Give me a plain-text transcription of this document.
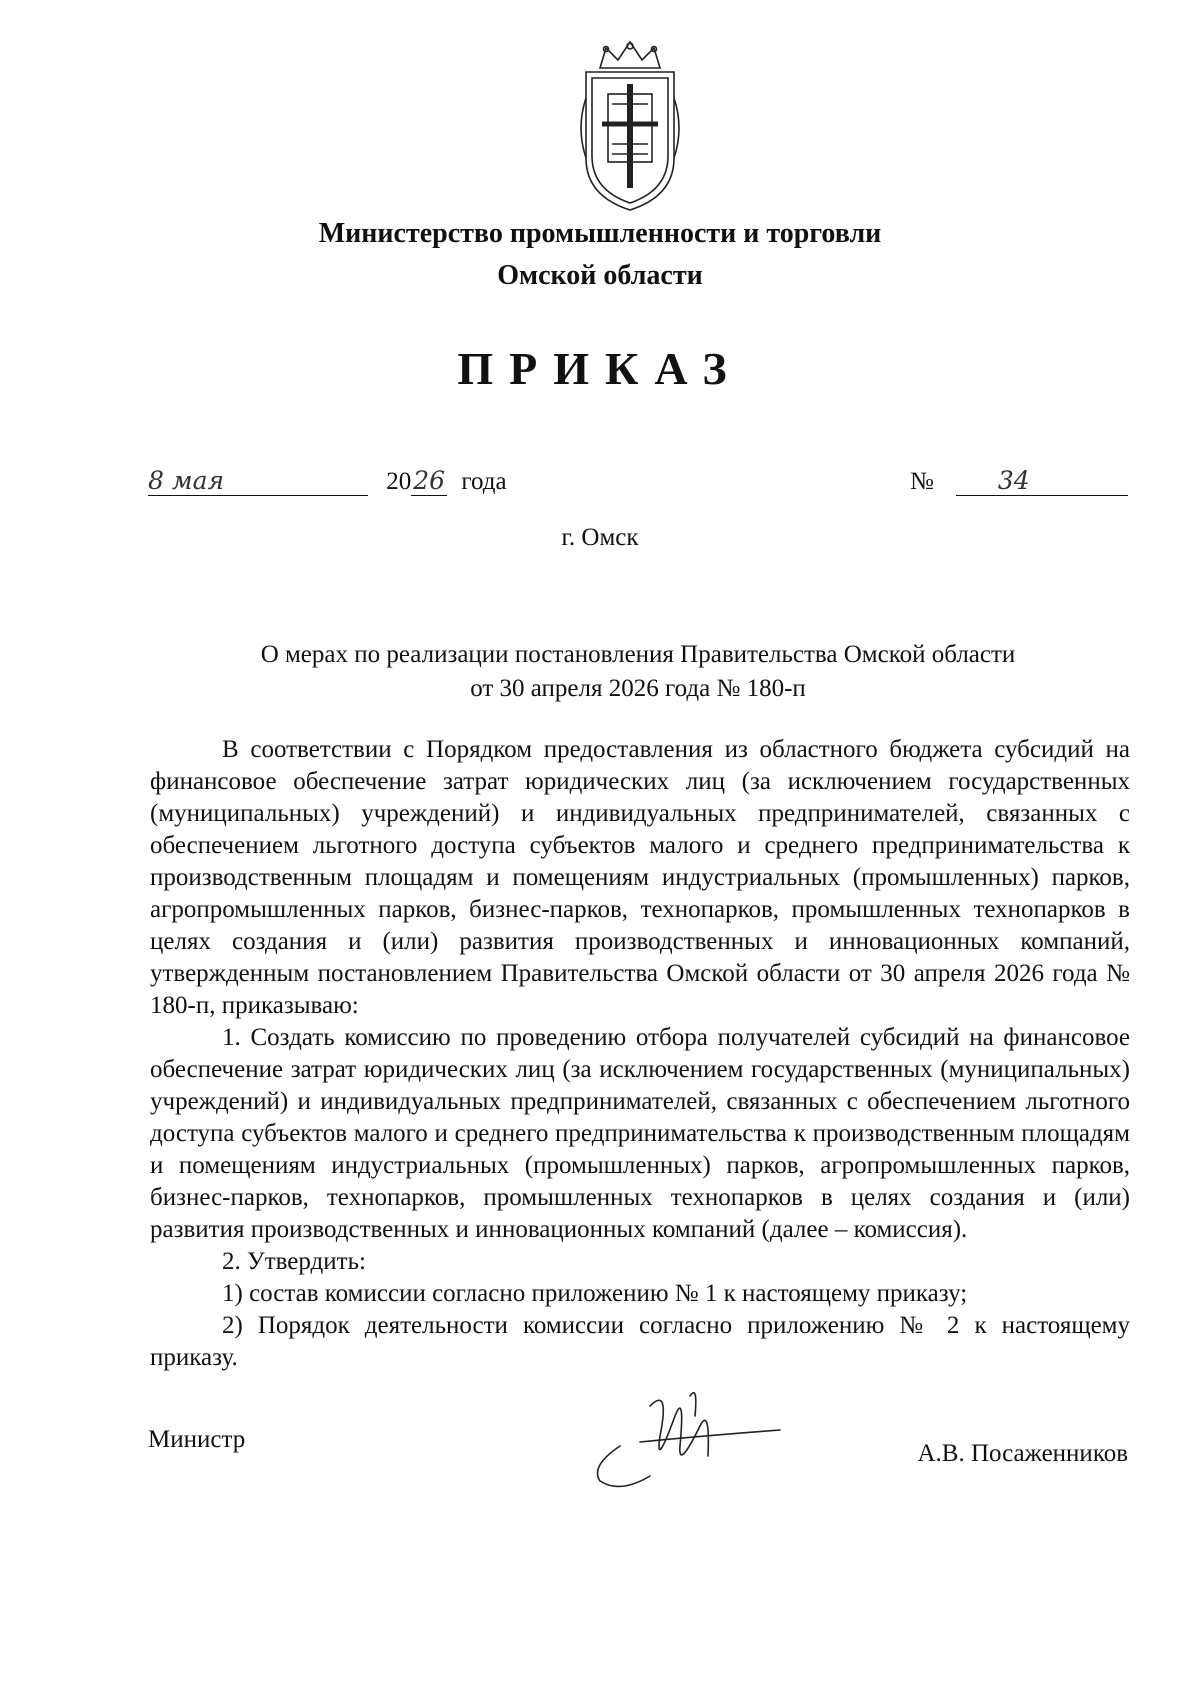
Министерство промышленности и торговли
Омской области
ПРИКАЗ
8 мая	2026 года	№	34
г. Омск
О мерах по реализации постановления Правительства Омской области
от 30 апреля 2026 года № 180-п

В соответствии с Порядком предоставления из областного бюджета субсидий на финансовое обеспечение затрат юридических лиц (за исключением государственных (муниципальных) учреждений) и индивидуальных предпринимателей, связанных с обеспечением льготного доступа субъектов малого и среднего предпринимательства к производственным площадям и помещениям индустриальных (промышленных) парков, агропромышленных парков, бизнес-парков, технопарков, промышленных технопарков в целях создания и (или) развития производственных и инновационных компаний, утвержденным постановлением Правительства Омской области от 30 апреля 2026 года № 180-п, приказываю:

1. Создать комиссию по проведению отбора получателей субсидий на финансовое обеспечение затрат юридических лиц (за исключением государственных (муниципальных) учреждений) и индивидуальных предпринимателей, связанных с обеспечением льготного доступа субъектов малого и среднего предпринимательства к производственным площадям и помещениям индустриальных (промышленных) парков, агропромышленных парков, бизнес-парков, технопарков, промышленных технопарков в целях создания и (или) развития производственных и инновационных компаний (далее – комиссия).

2. Утвердить:

1) состав комиссии согласно приложению № 1 к настоящему приказу;

2) Порядок деятельности комиссии согласно приложению № 2 к настоящему приказу.

Министр
А.В. Посаженников
